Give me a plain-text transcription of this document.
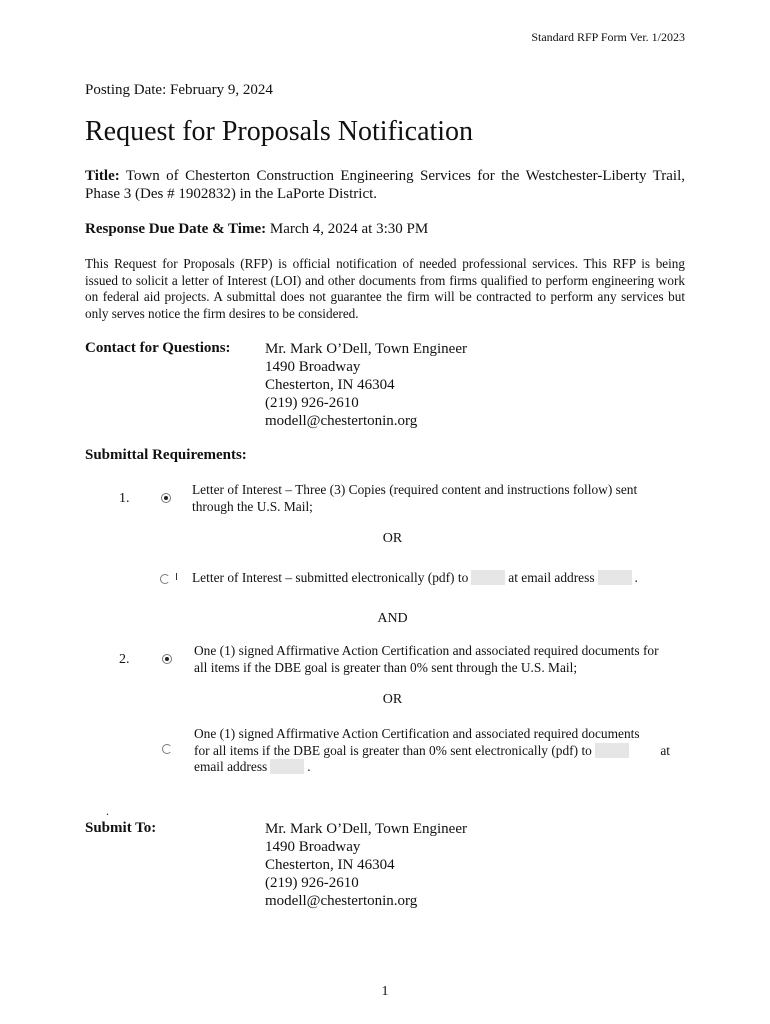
Standard RFP Form Ver. 1/2023
Posting Date: February 9, 2024
Request for Proposals Notification
Title: Town of Chesterton Construction Engineering Services for the Westchester-Liberty Trail, Phase 3 (Des # 1902832) in the LaPorte District.
Response Due Date & Time: March 4, 2024 at 3:30 PM
This Request for Proposals (RFP) is official notification of needed professional services. This RFP is being issued to solicit a letter of Interest (LOI) and other documents from firms qualified to perform engineering work on federal aid projects. A submittal does not guarantee the firm will be contracted to perform any services but only serves notice the firm desires to be considered.
Contact for Questions: Mr. Mark O’Dell, Town Engineer
1490 Broadway
Chesterton, IN 46304
(219) 926-2610
modell@chestertonin.org
Submittal Requirements:
1.
Letter of Interest – Three (3) Copies (required content and instructions follow) sent through the U.S. Mail;
OR
Letter of Interest – submitted electronically (pdf) to	at email address	.
AND
2.
One (1) signed Affirmative Action Certification and associated required documents for all items if the DBE goal is greater than 0% sent through the U.S. Mail;
OR
One (1) signed Affirmative Action Certification and associated required documents
for all items if the DBE goal is greater than 0% sent electronically (pdf) to	at
email address	.
.
Submit To:	Mr. Mark O’Dell, Town Engineer
1490 Broadway
Chesterton, IN 46304
(219) 926-2610
modell@chestertonin.org
1
